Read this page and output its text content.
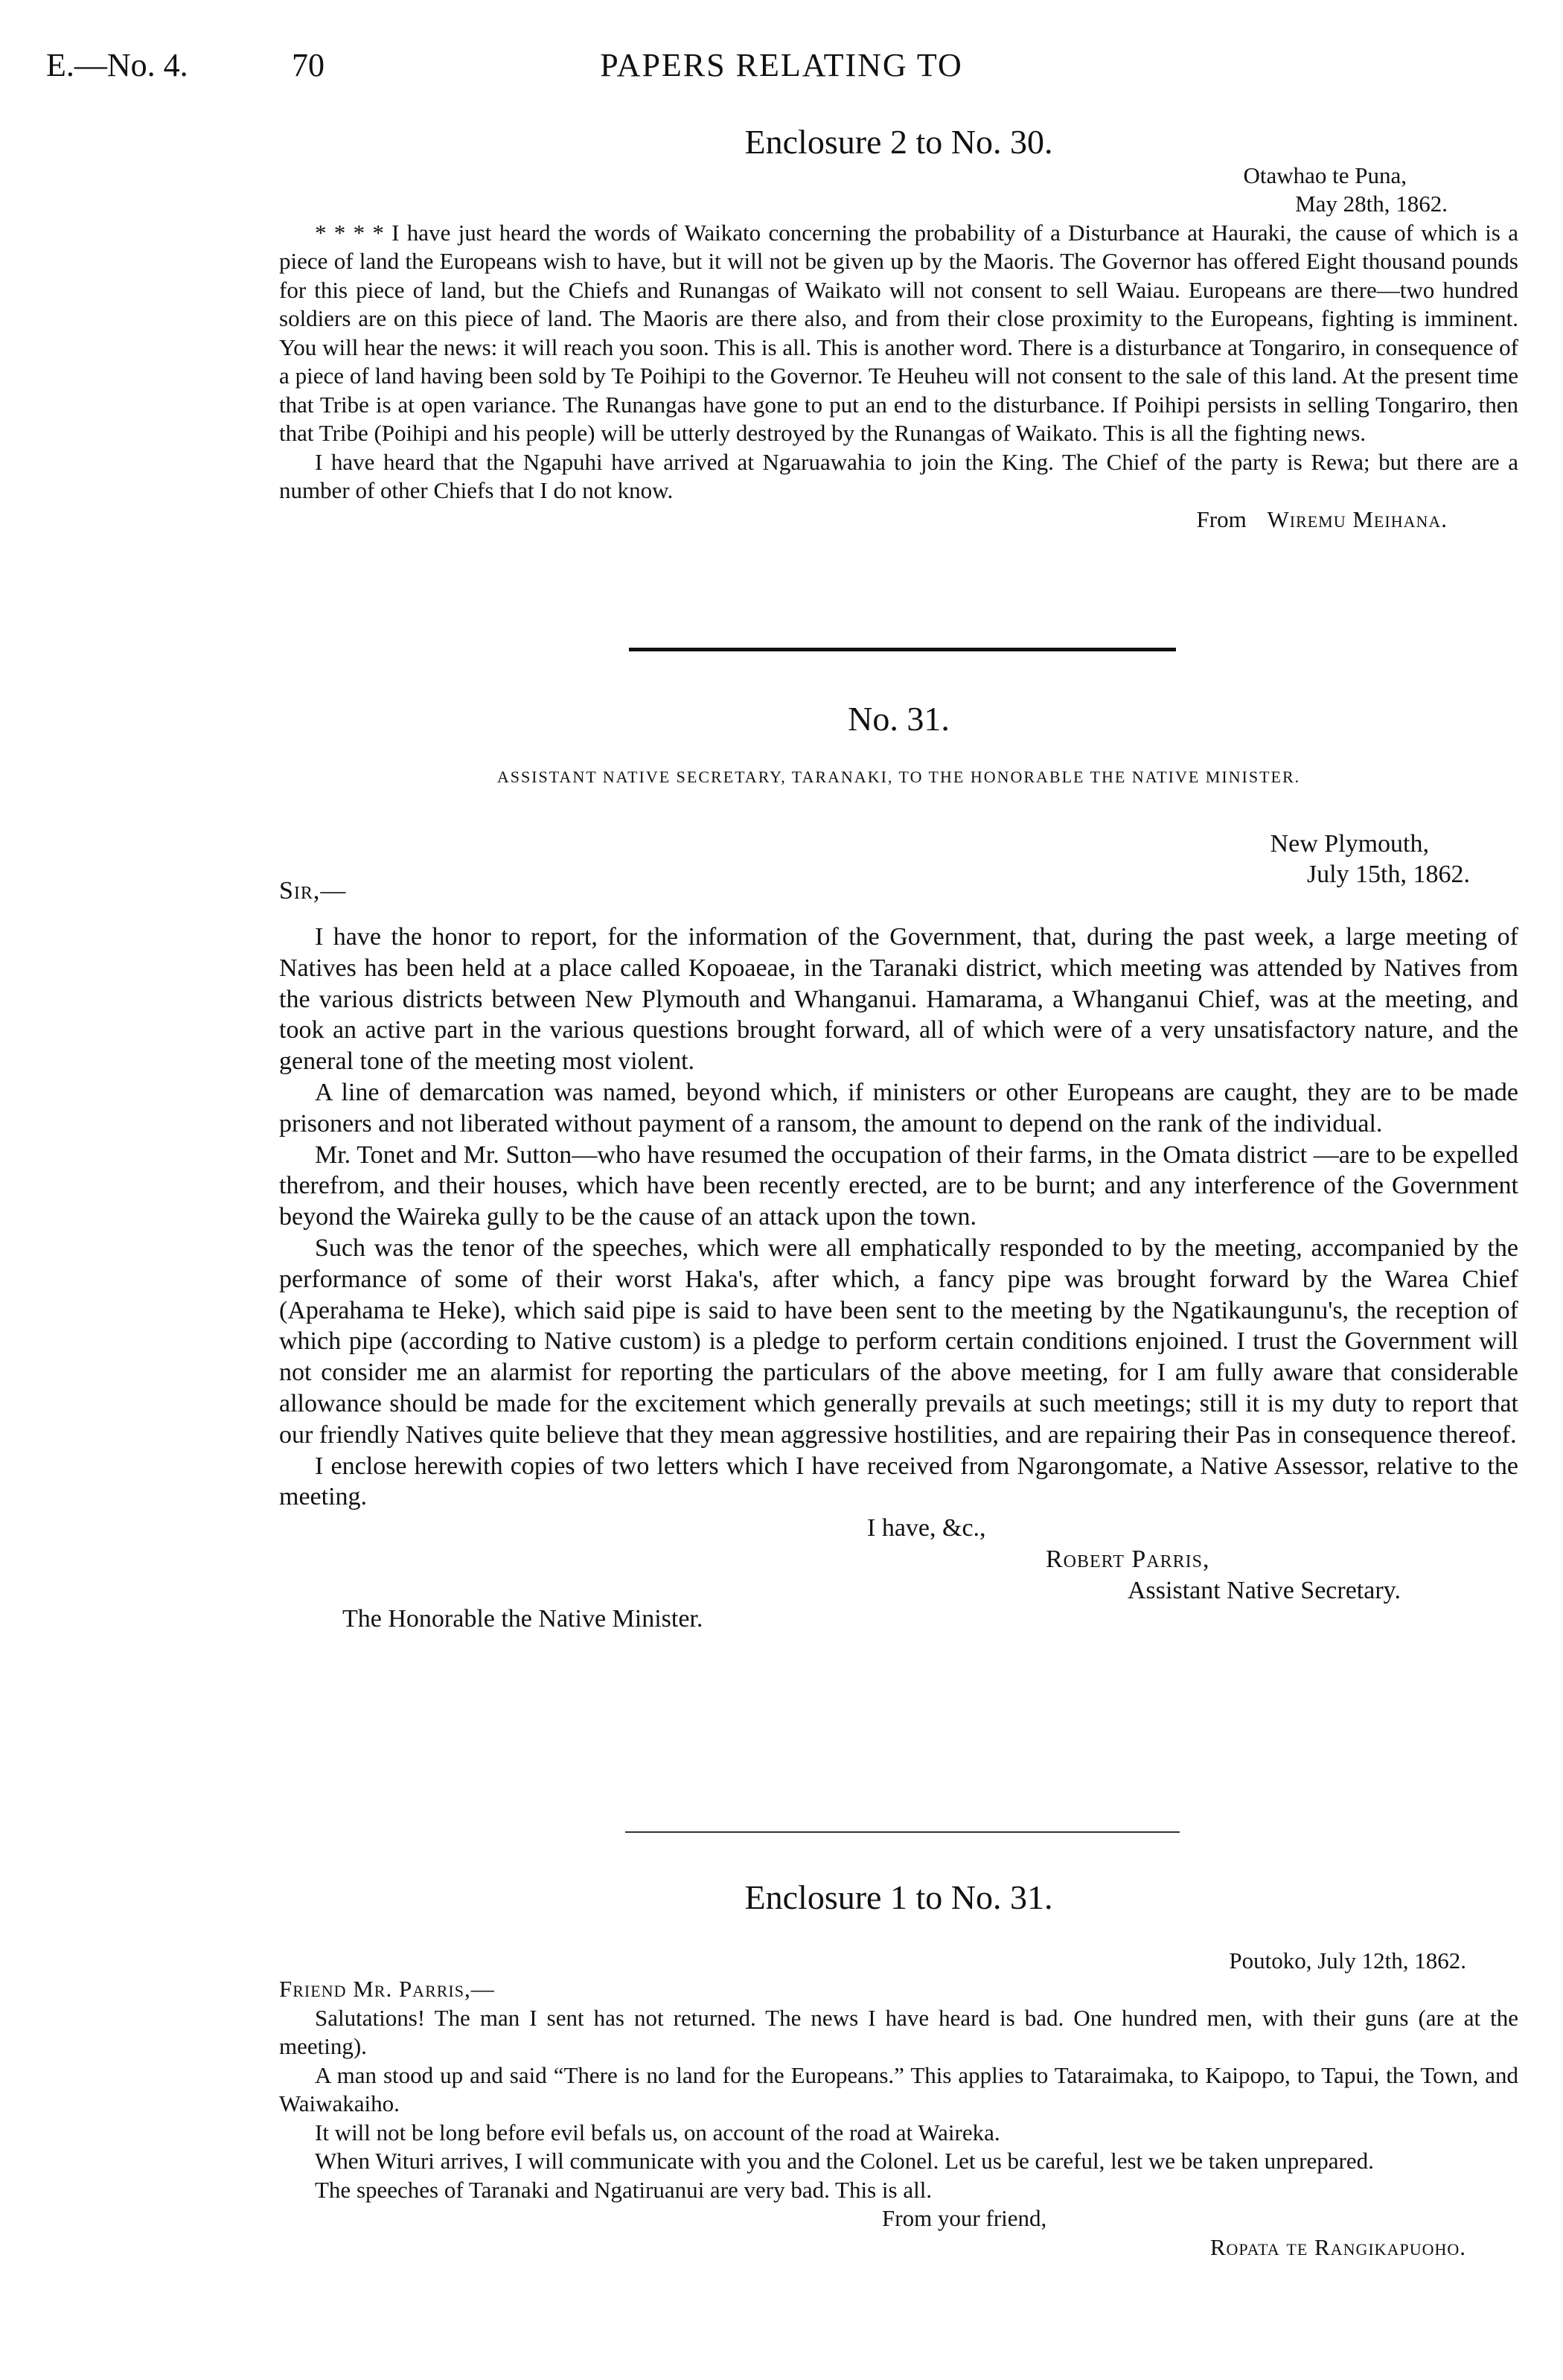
E.—No. 4.	70	PAPERS RELATING TO
Enclosure 2 to No. 30.
Otawhao te Puna,
May 28th, 1862.

* * * * I have just heard the words of Waikato concerning the probability of a Disturbance at Hauraki, the cause of which is a piece of land the Europeans wish to have, but it will not be given up by the Maoris. The Governor has offered Eight thousand pounds for this piece of land, but the Chiefs and Runangas of Waikato will not consent to sell Waiau. Europeans are there—two hundred soldiers are on this piece of land. The Maoris are there also, and from their close proximity to the Europeans, fighting is imminent. You will hear the news: it will reach you soon. This is all. This is another word. There is a disturbance at Tongariro, in consequence of a piece of land having been sold by Te Poihipi to the Governor. Te Heuheu will not consent to the sale of this land. At the present time that Tribe is at open variance. The Runangas have gone to put an end to the disturbance. If Poihipi persists in selling Tongariro, then that Tribe (Poihipi and his people) will be utterly destroyed by the Runangas of Waikato. This is all the fighting news.

I have heard that the Ngapuhi have arrived at Ngaruawahia to join the King. The Chief of the party is Rewa; but there are a number of other Chiefs that I do not know.

From Wiremu Meihana.
No. 31.
ASSISTANT NATIVE SECRETARY, TARANAKI, TO THE HONORABLE THE NATIVE MINISTER.
New Plymouth,
July 15th, 1862.
Sir,—

I have the honor to report, for the information of the Government, that, during the past week, a large meeting of Natives has been held at a place called Kopoaeae, in the Taranaki district, which meeting was attended by Natives from the various districts between New Plymouth and Whanganui. Hamarama, a Whanganui Chief, was at the meeting, and took an active part in the various questions brought forward, all of which were of a very unsatisfactory nature, and the general tone of the meeting most violent.

A line of demarcation was named, beyond which, if ministers or other Europeans are caught, they are to be made prisoners and not liberated without payment of a ransom, the amount to depend on the rank of the individual.

Mr. Tonet and Mr. Sutton—who have resumed the occupation of their farms, in the Omata district —are to be expelled therefrom, and their houses, which have been recently erected, are to be burnt; and any interference of the Government beyond the Waireka gully to be the cause of an attack upon the town.

Such was the tenor of the speeches, which were all emphatically responded to by the meeting, accompanied by the performance of some of their worst Haka's, after which, a fancy pipe was brought forward by the Warea Chief (Aperahama te Heke), which said pipe is said to have been sent to the meeting by the Ngatikaungunu's, the reception of which pipe (according to Native custom) is a pledge to perform certain conditions enjoined. I trust the Government will not consider me an alarmist for reporting the particulars of the above meeting, for I am fully aware that considerable allowance should be made for the excitement which generally prevails at such meetings; still it is my duty to report that our friendly Natives quite believe that they mean aggressive hostilities, and are repairing their Pas in consequence thereof.

I enclose herewith copies of two letters which I have received from Ngarongomate, a Native Assessor, relative to the meeting.

I have, &c.,
Robert Parris,
Assistant Native Secretary.
The Honorable the Native Minister.
Enclosure 1 to No. 31.
Poutoko, July 12th, 1862.
Friend Mr. Parris,—

Salutations! The man I sent has not returned. The news I have heard is bad. One hundred men, with their guns (are at the meeting).

A man stood up and said “There is no land for the Europeans.” This applies to Tataraimaka, to Kaipopo, to Tapui, the Town, and Waiwakaiho.

It will not be long before evil befals us, on account of the road at Waireka.

When Wituri arrives, I will communicate with you and the Colonel. Let us be careful, lest we be taken unprepared.

The speeches of Taranaki and Ngatiruanui are very bad. This is all.

From your friend,
Ropata te Rangikapuoho.
